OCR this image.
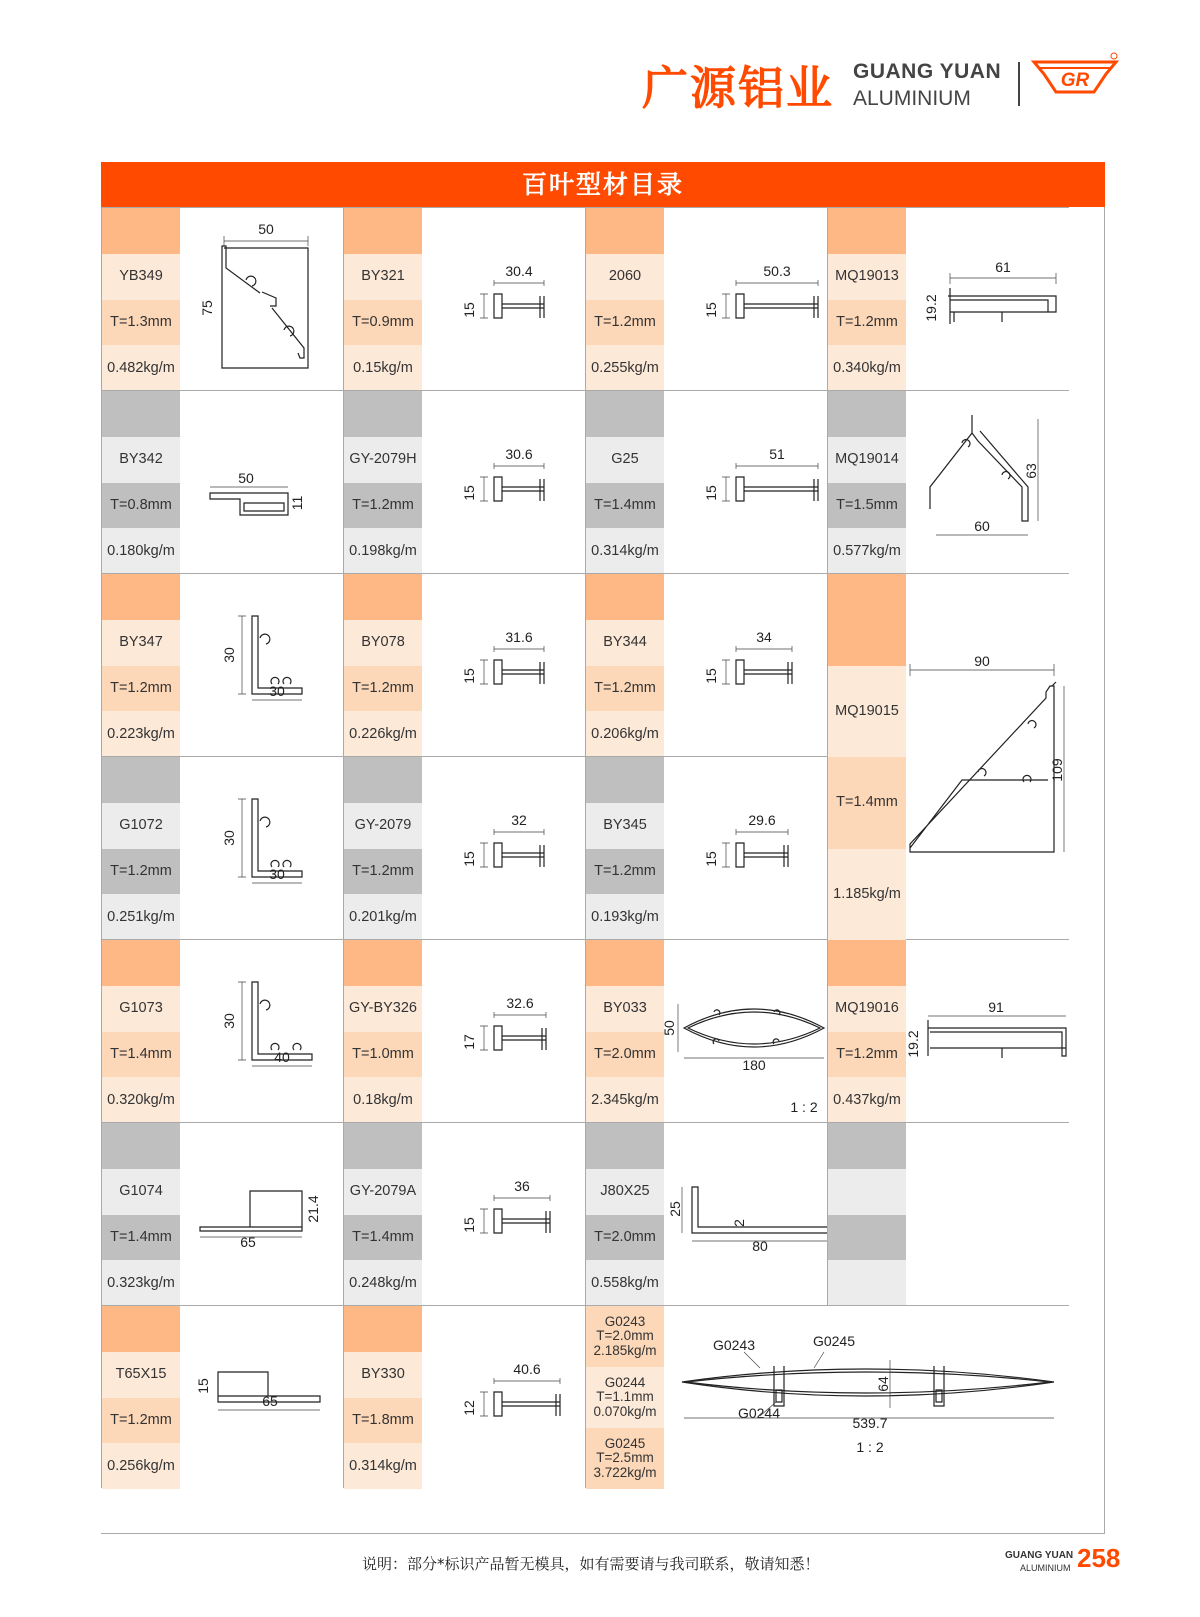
广源铝业 GUANG YUAN
ALUMINIUM
GR
百叶型材目录
YB349
T=1.3mm
0.482kg/m
50
75
BY321
T=0.9mm
0.15kg/m
30.4
15
2060
T=1.2mm
0.255kg/m
50.3
15
MQ19013
T=1.2mm
0.340kg/m
61
19.2
BY342
T=0.8mm
0.180kg/m
50
11
GY-2079H
T=1.2mm
0.198kg/m
30.6
15
G25
T=1.4mm
0.314kg/m
51
15
MQ19014
T=1.5mm
0.577kg/m
60
63
BY347
T=1.2mm
0.223kg/m
30
30
BY078
T=1.2mm
0.226kg/m
31.6
15
BY344
T=1.2mm
0.206kg/m
34
15
G1072
T=1.2mm
0.251kg/m
30
30
GY-2079
T=1.2mm
0.201kg/m
32
15
BY345
T=1.2mm
0.193kg/m
29.6
15
G1073
T=1.4mm
0.320kg/m
30
40
GY-BY326
T=1.0mm
0.18kg/m
32.6
17
BY033
T=2.0mm
2.345kg/m
180
50
1 : 2
MQ19016
T=1.2mm
0.437kg/m
91
19.2
G1074
T=1.4mm
0.323kg/m
65
21.4
GY-2079A
T=1.4mm
0.248kg/m
36
15
J80X25
T=2.0mm
0.558kg/m
25
80
2
T65X15
T=1.2mm
0.256kg/m
65
15
BY330
T=1.8mm
0.314kg/m
40.6
12
MQ19015
T=1.4mm
1.185kg/m
90
109
G0243
T=2.0mm
2.185kg/m
G0244
T=1.1mm
0.070kg/m
G0245
T=2.5mm
3.722kg/m
G0243	G0245
G0244
539.7
64
1 : 2
说明：部分*标识产品暂无模具，如有需要请与我司联系，敬请知悉！	GUANG YUAN
ALUMINIUM 258
